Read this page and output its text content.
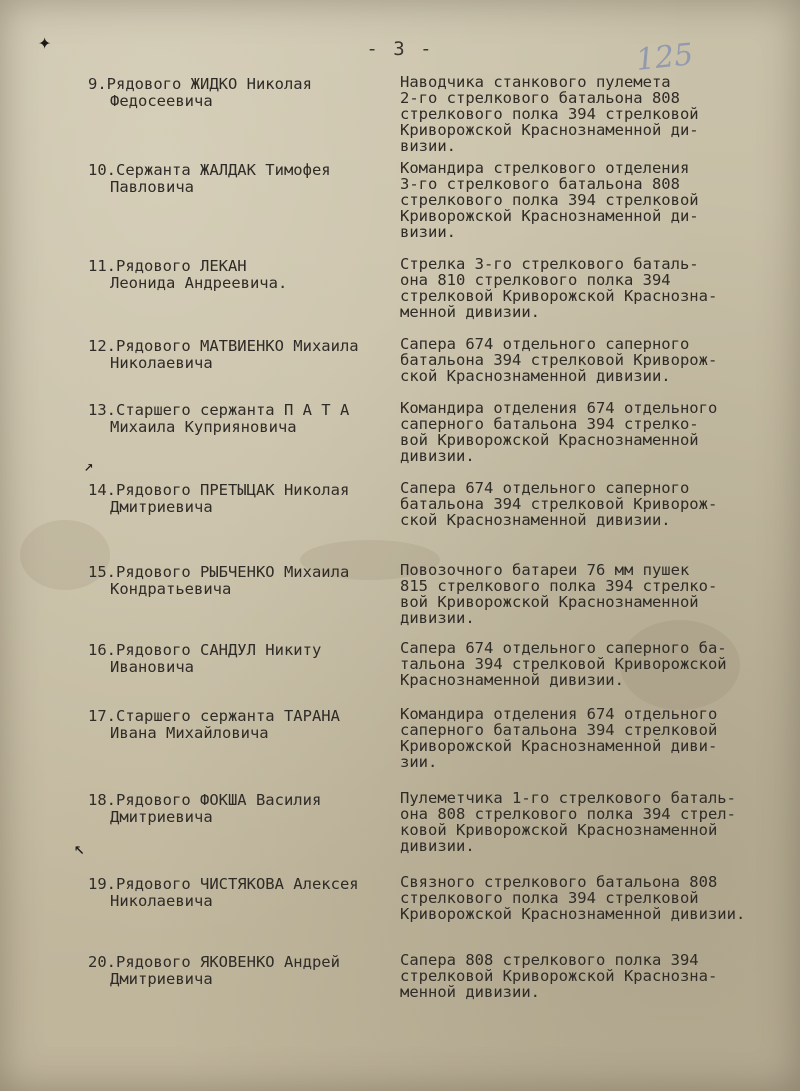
- 3 -	125
✦
↗
↖
9.Рядового ЖИДКО Николая
Федосеевича
Наводчика станкового пулемета
2-го стрелкового батальона 808
стрелкового полка 394 стрелковой
Криворожской Краснознаменной ди-
визии.
10.Сержанта ЖАЛДАК Тимофея
Павловича
Командира стрелкового отделения
3-го стрелкового батальона 808
стрелкового полка 394 стрелковой
Криворожской Краснознаменной ди-
визии.
11.Рядового ЛЕКАН
Леонида Андреевича.
Стрелка 3-го стрелкового баталь-
она 810 стрелкового полка 394
стрелковой Криворожской Краснозна-
менной дивизии.
12.Рядового МАТВИЕНКО Михаила
Николаевича
Сапера 674 отдельного саперного
батальона 394 стрелковой Криворож-
ской Краснознаменной дивизии.
13.Старшего сержанта П А Т А
Михаила Куприяновича
Командира отделения 674 отдельного
саперного батальона 394 стрелко-
вой Криворожской Краснознаменной
дивизии.
14.Рядового ПРЕТЫЦАК Николая
Дмитриевича
Сапера 674 отдельного саперного
батальона 394 стрелковой Криворож-
ской Краснознаменной дивизии.
15.Рядового РЫБЧЕНКО Михаила
Кондратьевича
Повозочного батареи 76 мм пушек
815 стрелкового полка 394 стрелко-
вой Криворожской Краснознаменной
дивизии.
16.Рядового САНДУЛ Никиту
Ивановича
Сапера 674 отдельного саперного ба-
тальона 394 стрелковой Криворожской
Краснознаменной дивизии.
17.Старшего сержанта ТАРАНА
Ивана Михайловича
Командира отделения 674 отдельного
саперного батальона 394 стрелковой
Криворожской Краснознаменной диви-
зии.
18.Рядового ФОКША Василия
Дмитриевича
Пулеметчика 1-го стрелкового баталь-
она 808 стрелкового полка 394 стрел-
ковой Криворожской Краснознаменной
дивизии.
19.Рядового ЧИСТЯКОВА Алексея
Николаевича
Связного стрелкового батальона 808
стрелкового полка 394 стрелковой
Криворожской Краснознаменной дивизии.
20.Рядового ЯКОВЕНКО Андрей
Дмитриевича
Сапера 808 стрелкового полка 394
стрелковой Криворожской Краснозна-
менной дивизии.
